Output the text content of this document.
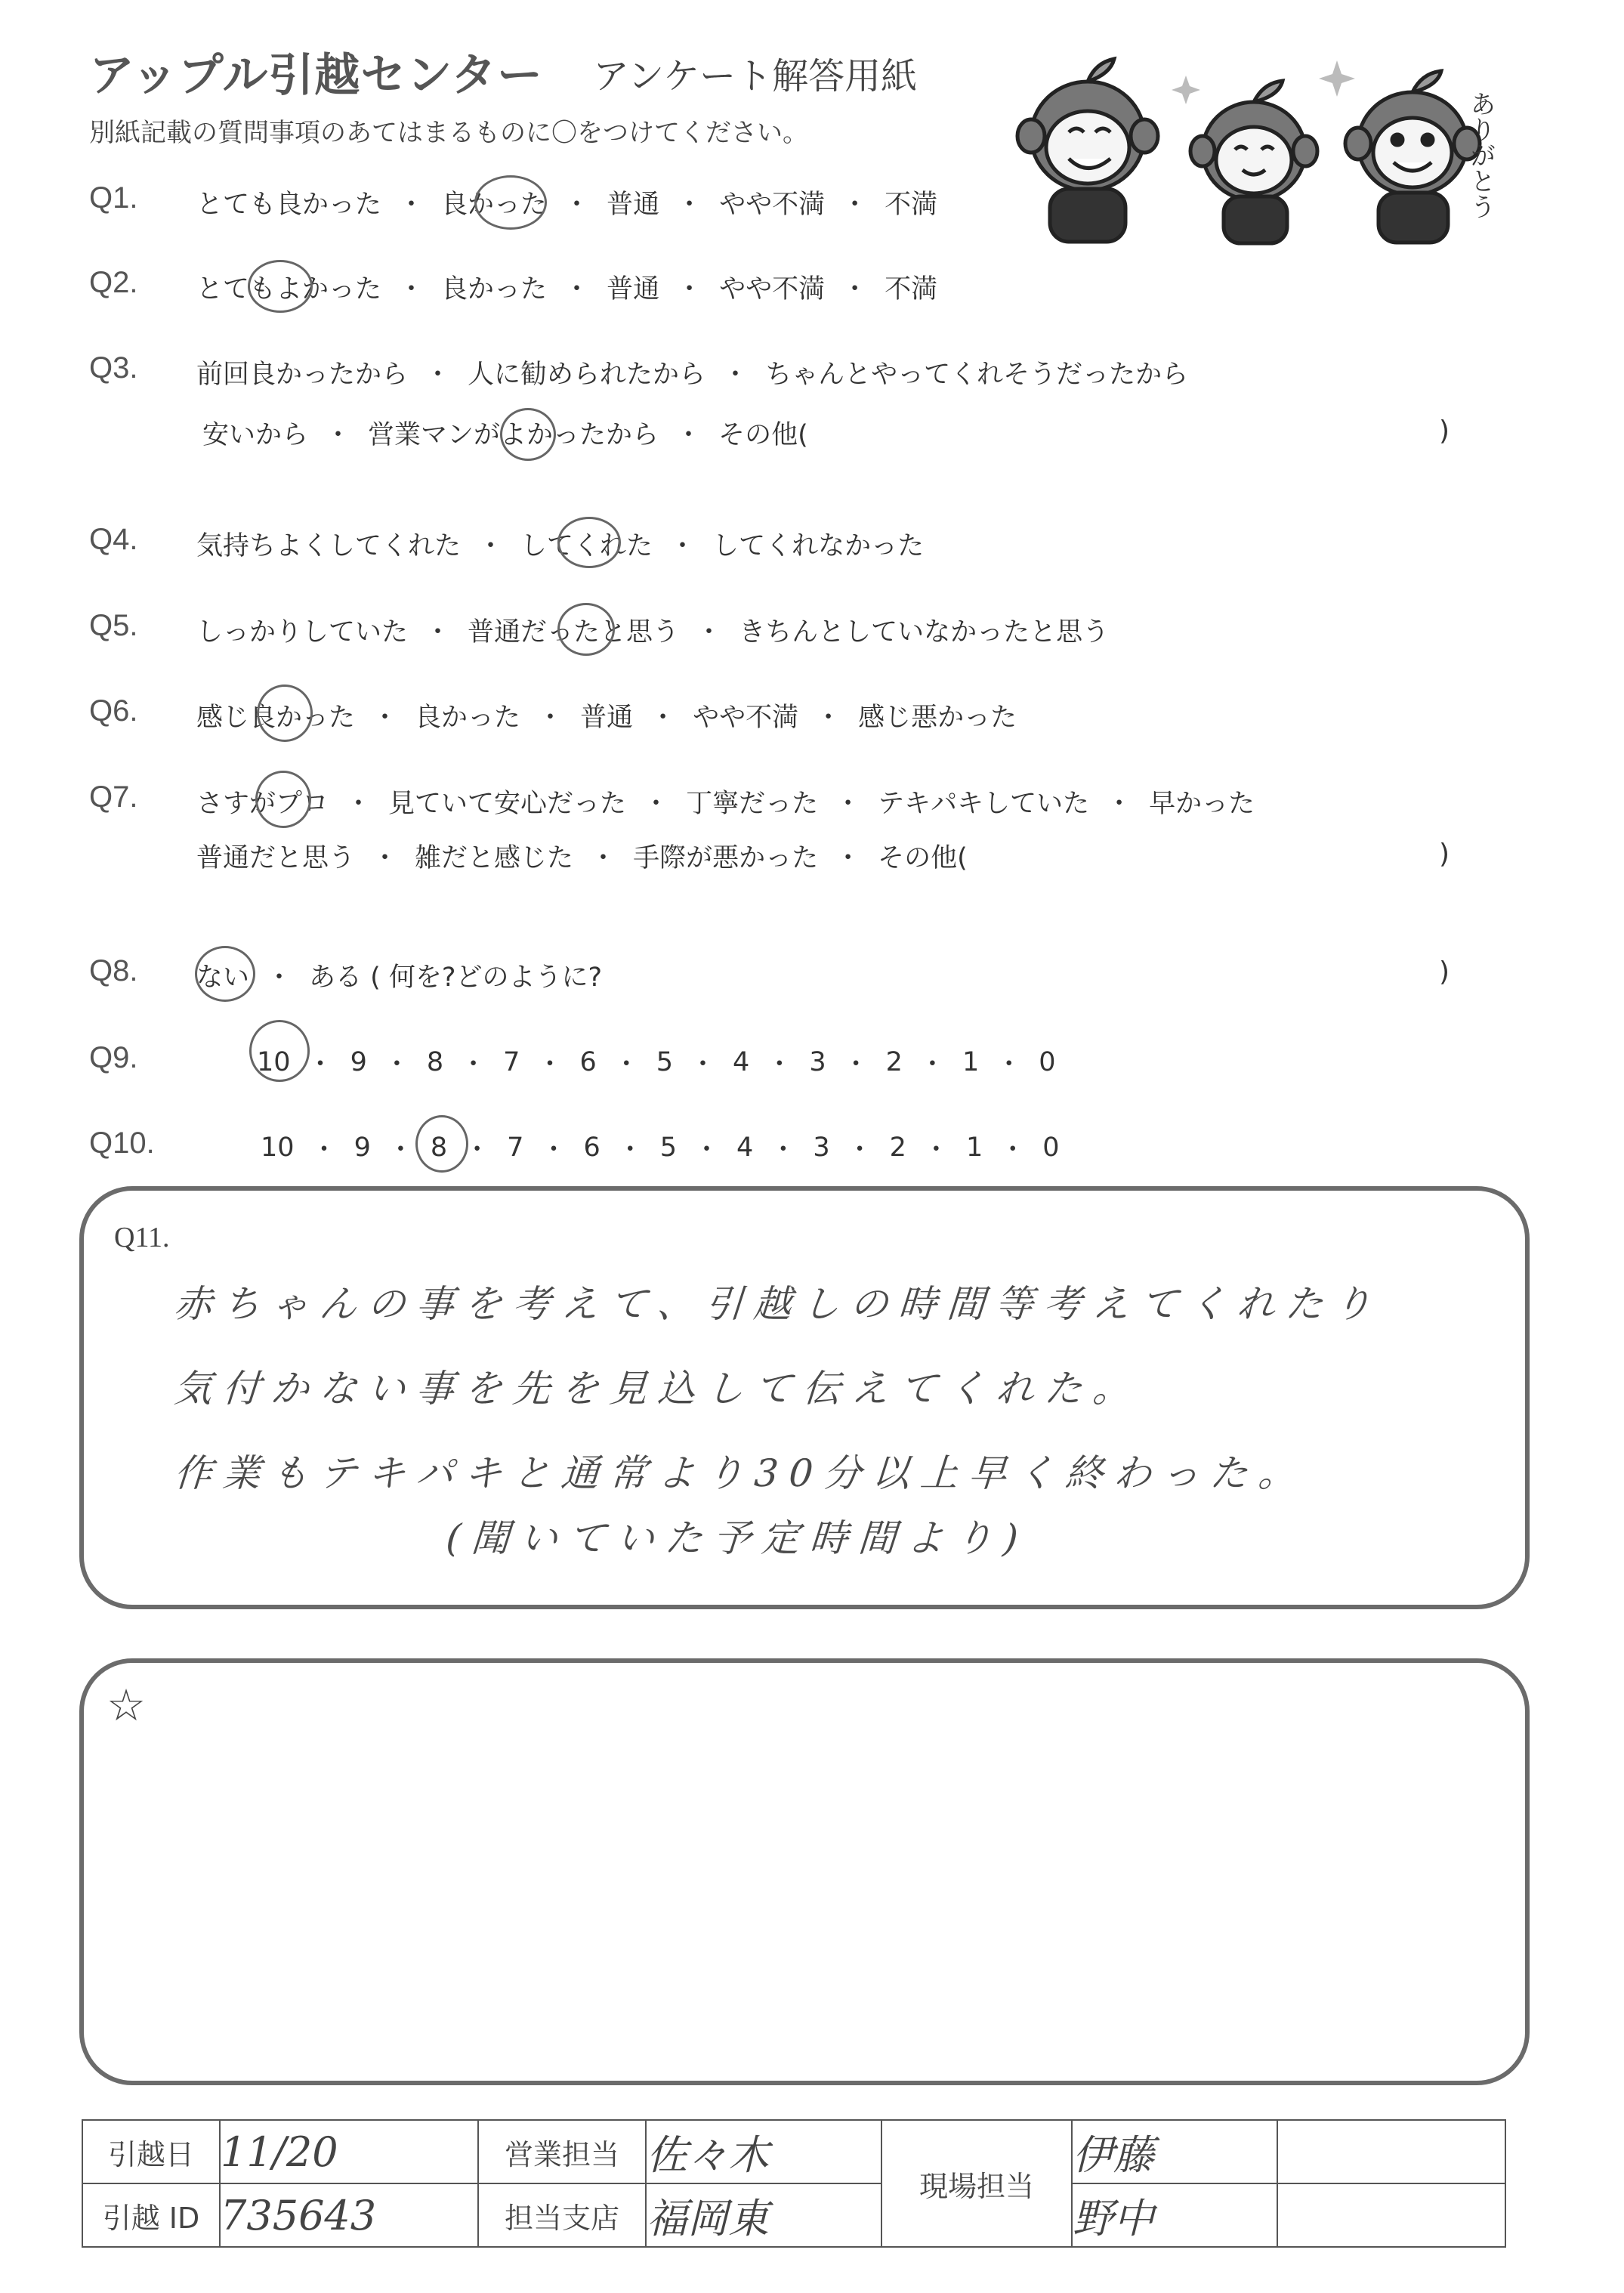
アップル引越センター アンケート解答用紙
別紙記載の質問事項のあてはまるものに〇をつけてください。	ありがとう
Q1. とても良かった ・ 良かった ・ 普通 ・ やや不満 ・ 不満
Q2. とてもよかった ・ 良かった ・ 普通 ・ やや不満 ・ 不満
Q3. 前回良かったから ・ 人に勧められたから ・ ちゃんとやってくれそうだったから
安いから ・ 営業マンがよかったから ・ その他(	)
Q4. 気持ちよくしてくれた ・ してくれた ・ してくれなかった
Q5. しっかりしていた ・ 普通だったと思う ・ きちんとしていなかったと思う
Q6. 感じ良かった ・ 良かった ・ 普通 ・ やや不満 ・ 感じ悪かった
Q7. さすがプロ ・ 見ていて安心だった ・ 丁寧だった ・ テキパキしていた ・ 早かった
普通だと思う ・ 雑だと感じた ・ 手際が悪かった ・ その他(	)
Q8. ない ・ ある ( 何を?どのように?	)
Q9.	10 ・ 9 ・ 8 ・ 7 ・ 6 ・ 5 ・ 4 ・ 3 ・ 2 ・ 1 ・ 0
Q10.	10 ・ 9 ・ 8 ・ 7 ・ 6 ・ 5 ・ 4 ・ 3 ・ 2 ・ 1 ・ 0
Q11.
赤ちゃんの事を考えて、引越しの時間等考えてくれたり
気付かない事を先を見込して伝えてくれた。
作業もテキパキと通常より30分以上早く終わった。
(聞いていた予定時間より)
☆
引越日	11/20	営業担当	佐々木	現場担当	伊藤	
引越 ID	735643	担当支店	福岡東		野中	
